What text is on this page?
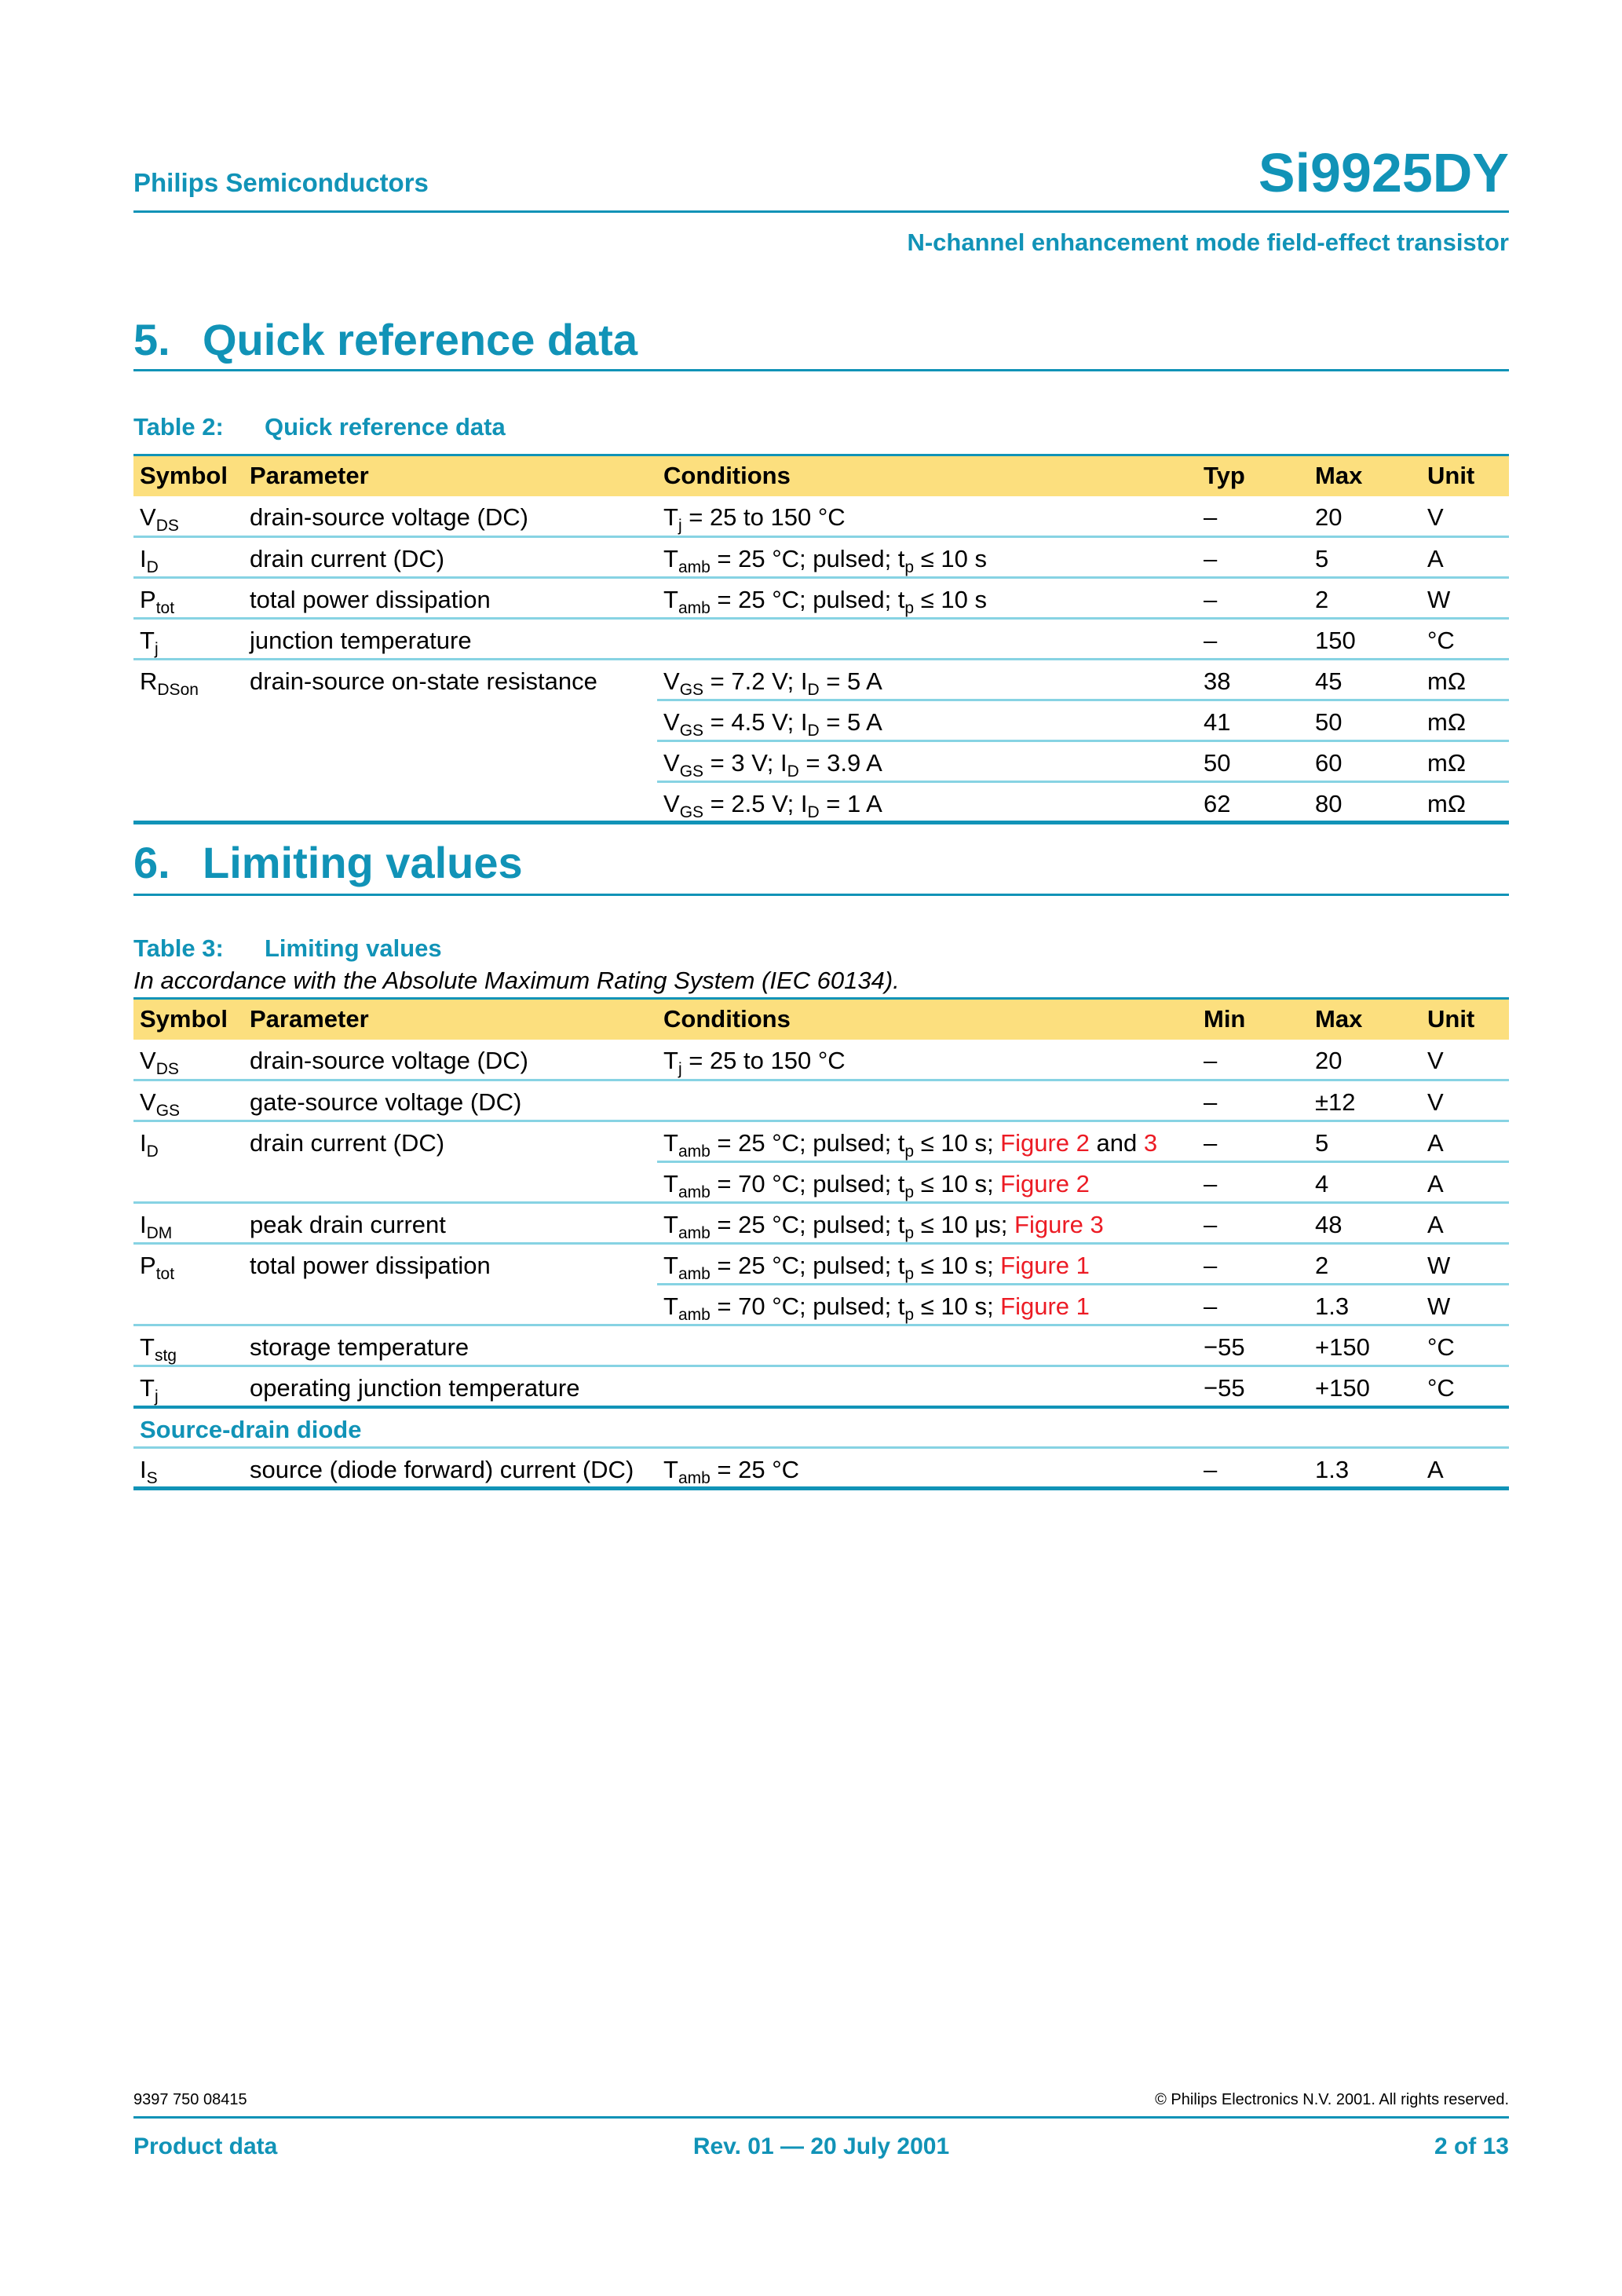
Philips Semiconductors	Si9925DY
N-channel enhancement mode field-effect transistor
5. Quick reference data
Table 2: Quick reference data
Symbol	Parameter	Conditions	Typ	Max	Unit
$V_{DS}$	drain-source voltage (DC)	$T_j = 25$ to 150 °C	–	20	V
$I_D$	drain current (DC)	$T_{amb} = 25$ °C; pulsed; $t_p \le 10$ s	–	5	A
$P_{tot}$	total power dissipation	$T_{amb} = 25$ °C; pulsed; $t_p \le 10$ s	–	2	W
$T_j$	junction temperature		–	150	°C
$R_{DSon}$	drain-source on-state resistance	$V_{GS} = 7.2$ V; $I_D = 5$ A	38	45	mΩ
		$V_{GS} = 4.5$ V; $I_D = 5$ A	41	50	mΩ
		$V_{GS} = 3$ V; $I_D = 3.9$ A	50	60	mΩ
		$V_{GS} = 2.5$ V; $I_D = 1$ A	62	80	mΩ
6. Limiting values
Table 3: Limiting values
In accordance with the Absolute Maximum Rating System (IEC 60134).
Symbol	Parameter	Conditions	Min	Max	Unit
$V_{DS}$	drain-source voltage (DC)	$T_j = 25$ to 150 °C	–	20	V
$V_{GS}$	gate-source voltage (DC)		–	±12	V
$I_D$	drain current (DC)	$T_{amb} = 25$ °C; pulsed; $t_p \le 10$ s; Figure 2 and 3	–	5	A
		$T_{amb} = 70$ °C; pulsed; $t_p \le 10$ s; Figure 2	–	4	A
$I_{DM}$	peak drain current	$T_{amb} = 25$ °C; pulsed; $t_p \le 10$ μs; Figure 3	–	48	A
$P_{tot}$	total power dissipation	$T_{amb} = 25$ °C; pulsed; $t_p \le 10$ s; Figure 1	–	2	W
		$T_{amb} = 70$ °C; pulsed; $t_p \le 10$ s; Figure 1	–	1.3	W
$T_{stg}$	storage temperature		−55	+150	°C
$T_j$	operating junction temperature		−55	+150	°C
Source-drain diode					
$I_S$	source (diode forward) current (DC)	$T_{amb} = 25$ °C	–	1.3	A
9397 750 08415	© Philips Electronics N.V. 2001. All rights reserved.
Product data	Rev. 01 — 20 July 2001	2 of 13
